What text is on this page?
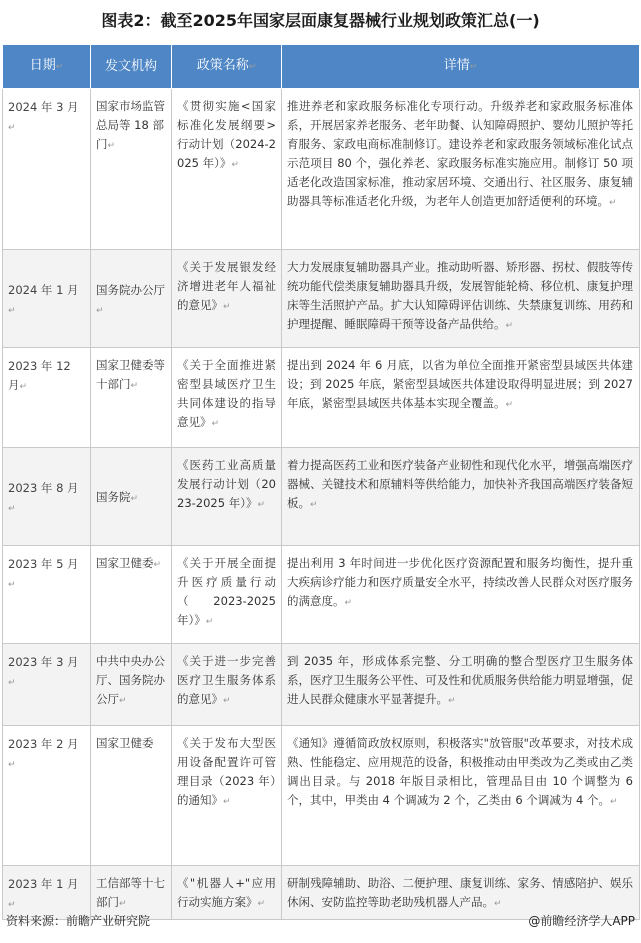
图表2：截至2025年国家层面康复器械行业规划政策汇总(一)
日期↵	发文机构	政策名称↵	详情↵
2024 年 3 月↵	国家市场监管总局等 18 部门↵	《贯彻实施<国家标准化发展纲要>行动计划（2024-2025 年）》↵	推进养老和家政服务标准化专项行动。升级养老和家政服务标准体系，开展居家养老服务、老年助餐、认知障碍照护、婴幼儿照护等托育服务、家政电商标准制修订。建设养老和家政服务领域标准化试点示范项目 80 个，强化养老、家政服务标准实施应用。制修订 50 项适老化改造国家标准，推动家居环境、交通出行、社区服务、康复辅助器具等标准适老化升级，为老年人创造更加舒适便利的环境。↵
2024 年 1 月↵	国务院办公厅↵	《关于发展银发经济增进老年人福祉的意见》↵	大力发展康复辅助器具产业。推动助听器、矫形器、拐杖、假肢等传统功能代偿类康复辅助器具升级，发展智能轮椅、移位机、康复护理床等生活照护产品。扩大认知障碍评估训练、失禁康复训练、用药和护理提醒、睡眠障碍干预等设备产品供给。↵
2023 年 12 月↵	国家卫健委等十部门↵	《关于全面推进紧密型县域医疗卫生共同体建设的指导意见》↵	提出到 2024 年 6 月底，以省为单位全面推开紧密型县域医共体建设；到 2025 年底，紧密型县域医共体建设取得明显进展；到 2027 年底，紧密型县域医共体基本实现全覆盖。↵
2023 年 8 月↵	国务院↵	《医药工业高质量发展行动计划（2023-2025 年）》↵	着力提高医药工业和医疗装备产业韧性和现代化水平，增强高端医疗器械、关键技术和原辅料等供给能力，加快补齐我国高端医疗装备短板。↵
2023 年 5 月↵	国家卫健委↵	《关于开展全面提升医疗质量行动（2023-2025 年）》↵	提出利用 3 年时间进一步优化医疗资源配置和服务均衡性，提升重大疾病诊疗能力和医疗质量安全水平，持续改善人民群众对医疗服务的满意度。↵
2023 年 3 月↵	中共中央办公厅、国务院办公厅↵	《关于进一步完善医疗卫生服务体系的意见》↵	到 2035 年，形成体系完整、分工明确的整合型医疗卫生服务体系，医疗卫生服务公平性、可及性和优质服务供给能力明显增强，促进人民群众健康水平显著提升。↵
2023 年 2 月↵	国家卫健委	《关于发布大型医用设备配置许可管理目录（2023 年）的通知》↵	《通知》遵循简政放权原则，积极落实"放管服"改革要求，对技术成熟、性能稳定、应用规范的设备，积极推动由甲类改为乙类或由乙类调出目录。与 2018 年版目录相比，管理品目由 10 个调整为 6 个，其中，甲类由 4 个调减为 2 个，乙类由 6 个调减为 4 个。↵
2023 年 1 月↵	工信部等十七部门↵	《"机器人+"应用行动实施方案》↵	研制残障辅助、助浴、二便护理、康复训练、家务、情感陪护、娱乐休闲、安防监控等助老助残机器人产品。↵
资料来源：前瞻产业研究院	@前瞻经济学人APP
